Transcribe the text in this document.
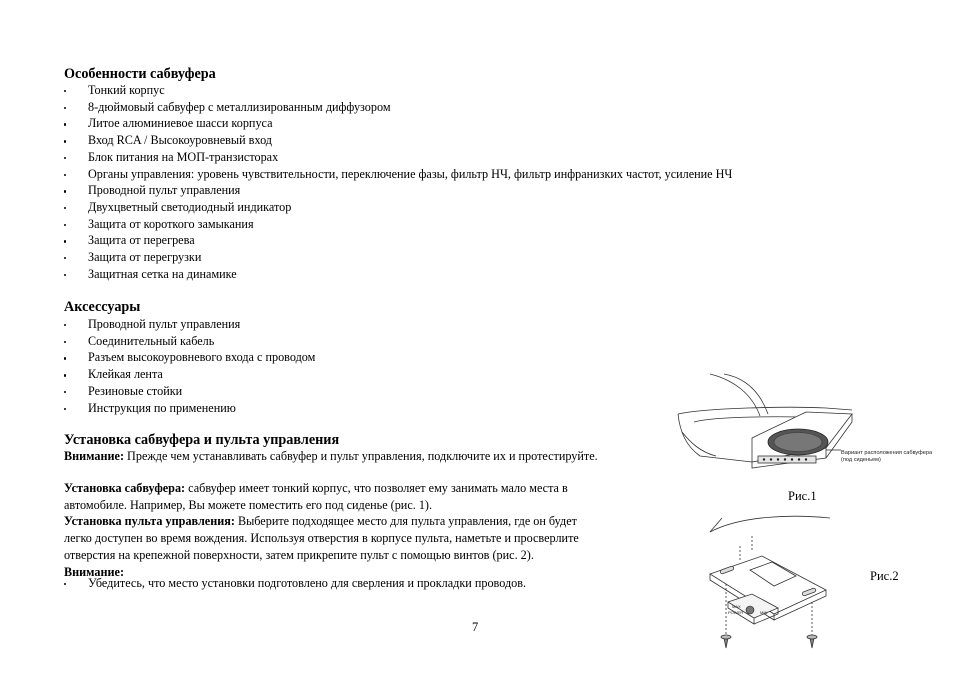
Особенности сабвуфера
Тонкий корпус
8-дюймовый сабвуфер с металлизированным диффузором
Литое алюминиевое шасси корпуса
Вход RCA / Высокоуровневый вход
Блок питания на МОП-транзисторах
Органы управления: уровень чувствительности, переключение фазы, фильтр НЧ, фильтр инфранизких частот, усиление НЧ
Проводной пульт управления
Двухцветный светодиодный индикатор
Защита от короткого замыкания
Защита от перегрева
Защита от перегрузки
Защитная сетка на динамике
Аксессуары
Проводной пульт управления
Соединительный кабель
Разъем высокоуровневого входа с проводом
Клейкая лента
Резиновые стойки
Инструкция по применению
Установка сабвуфера и пульта управления
Внимание: Прежде чем устанавливать сабвуфер и пульт управления, подключите их и протестируйте.
Установка сабвуфера: сабвуфер имеет тонкий корпус, что позволяет ему занимать мало места в
автомобиле. Например, Вы можете поместить его под сиденье (рис. 1).
Установка пульта управления: Выберите подходящее место для пульта управления, где он будет
легко доступен во время вождения. Используя отверстия в корпусе пульта, наметьте и просверлите
отверстия на крепежной поверхности, затем прикрепите пульт с помощью винтов (рис. 2).
Внимание:
Убедитесь, что место установки подготовлено для сверления и прокладки проводов.
Вариант расположения сабвуфера
(под сиденьем)
Рис.1
MAX
POWER	MIN
Рис.2
7
